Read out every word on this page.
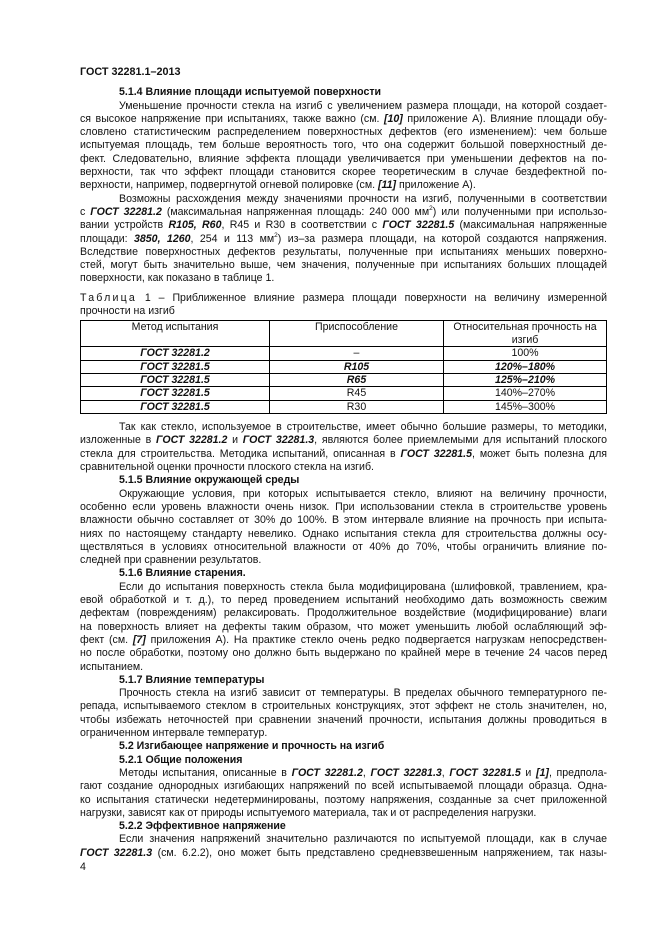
ГОСТ 32281.1–2013
5.1.4 Влияние площади испытуемой поверхности
Уменьшение прочности стекла на изгиб с увеличением размера площади, на которой создает-
ся высокое напряжение при испытаниях, также важно (см. [10] приложение А). Влияние площади обу-
словлено статистическим распределением поверхностных дефектов (его изменением): чем больше
испытуемая площадь, тем больше вероятность того, что она содержит большой поверхностный де-
фект. Следовательно, влияние эффекта площади увеличивается при уменьшении дефектов на по-
верхности, так что эффект площади становится скорее теоретическим в случае бездефектной по-
верхности, например, подвергнутой огневой полировке (см. [11] приложение А).
Возможны расхождения между значениями прочности на изгиб, полученными в соответствии
с ГОСТ 32281.2 (максимальная напряженная площадь: 240 000 $мм^2$) или полученными при использо-
вании устройств R105, R60, R45 и R30 в соответствии с ГОСТ 32281.5 (максимальная напряженные
площади: 3850, 1260, 254 и 113 $мм^2$) из–за размера площади, на которой создаются напряжения.
Вследствие поверхностных дефектов результаты, полученные при испытаниях меньших поверхно-
стей, могут быть значительно выше, чем значения, полученные при испытаниях больших площадей
поверхности, как показано в таблице 1.
Таблица 1 – Приближенное влияние размера площади поверхности на величину измеренной
прочности на изгиб
Метод испытания	Приспособление	Относительная прочность на изгиб
ГОСТ 32281.2	–	100%
ГОСТ 32281.5	R105	120%–180%
ГОСТ 32281.5	R65	125%–210%
ГОСТ 32281.5	R45	140%–270%
ГОСТ 32281.5	R30	145%–300%
Так как стекло, используемое в строительстве, имеет обычно большие размеры, то методики,
изложенные в ГОСТ 32281.2 и ГОСТ 32281.3, являются более приемлемыми для испытаний плоского
стекла для строительства. Методика испытаний, описанная в ГОСТ 32281.5, может быть полезна для
сравнительной оценки прочности плоского стекла на изгиб.
5.1.5 Влияние окружающей среды
Окружающие условия, при которых испытывается стекло, влияют на величину прочности,
особенно если уровень влажности очень низок. При использовании стекла в строительстве уровень
влажности обычно составляет от 30% до 100%. В этом интервале влияние на прочность при испыта-
ниях по настоящему стандарту невелико. Однако испытания стекла для строительства должны осу-
ществляться в условиях относительной влажности от 40% до 70%, чтобы ограничить влияние по-
следней при сравнении результатов.
5.1.6 Влияние старения.
Если до испытания поверхность стекла была модифицирована (шлифовкой, травлением, кра-
евой обработкой и т. д.), то перед проведением испытаний необходимо дать возможность свежим
дефектам (повреждениям) релаксировать. Продолжительное воздействие (модифицирование) влаги
на поверхность влияет на дефекты таким образом, что может уменьшить любой ослабляющий эф-
фект (см. [7] приложения А). На практике стекло очень редко подвергается нагрузкам непосредствен-
но после обработки, поэтому оно должно быть выдержано по крайней мере в течение 24 часов перед
испытанием.
5.1.7 Влияние температуры
Прочность стекла на изгиб зависит от температуры. В пределах обычного температурного пе-
репада, испытываемого стеклом в строительных конструкциях, этот эффект не столь значителен, но,
чтобы избежать неточностей при сравнении значений прочности, испытания должны проводиться в
ограниченном интервале температур.
5.2 Изгибающее напряжение и прочность на изгиб
5.2.1 Общие положения
Методы испытания, описанные в ГОСТ 32281.2, ГОСТ 32281.3, ГОСТ 32281.5 и [1], предпола-
гают создание однородных изгибающих напряжений по всей испытываемой площади образца. Одна-
ко испытания статически недетерминированы, поэтому напряжения, созданные за счет приложенной
нагрузки, зависят как от природы испытуемого материала, так и от распределения нагрузки.
5.2.2 Эффективное напряжение
Если значения напряжений значительно различаются по испытуемой площади, как в случае
ГОСТ 32281.3 (см. 6.2.2), оно может быть представлено средневзвешенным напряжением, так назы-
4
